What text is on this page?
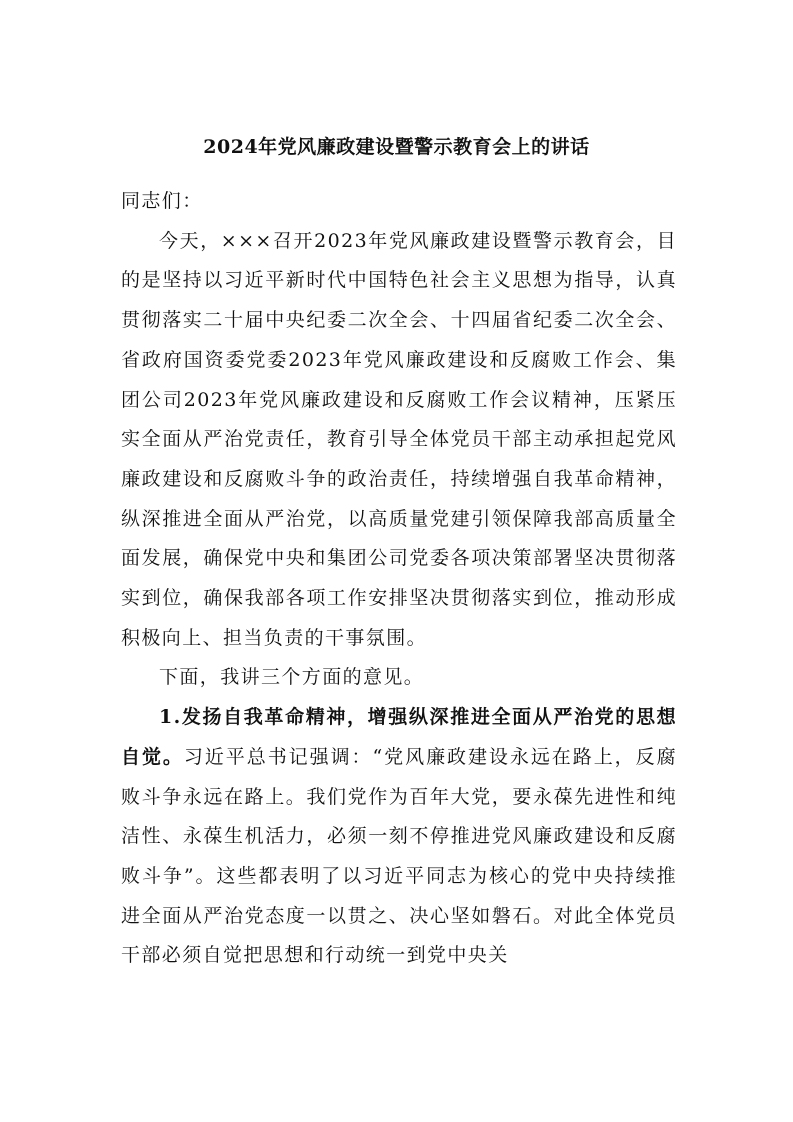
2024年党风廉政建设暨警示教育会上的讲话

同志们：

今天，×××召开2023年党风廉政建设暨警示教育会，目的是坚持以习近平新时代中国特色社会主义思想为指导，认真贯彻落实二十届中央纪委二次全会、十四届省纪委二次全会、省政府国资委党委2023年党风廉政建设和反腐败工作会、集团公司2023年党风廉政建设和反腐败工作会议精神，压紧压实全面从严治党责任，教育引导全体党员干部主动承担起党风廉政建设和反腐败斗争的政治责任，持续增强自我革命精神，纵深推进全面从严治党，以高质量党建引领保障我部高质量全面发展，确保党中央和集团公司党委各项决策部署坚决贯彻落实到位，确保我部各项工作安排坚决贯彻落实到位，推动形成积极向上、担当负责的干事氛围。

下面，我讲三个方面的意见。

1.发扬自我革命精神，增强纵深推进全面从严治党的思想自觉。习近平总书记强调：“党风廉政建设永远在路上，反腐败斗争永远在路上。我们党作为百年大党，要永葆先进性和纯洁性、永葆生机活力，必须一刻不停推进党风廉政建设和反腐败斗争”。这些都表明了以习近平同志为核心的党中央持续推进全面从严治党态度一以贯之、决心坚如磐石。对此全体党员干部必须自觉把思想和行动统一到党中央关
